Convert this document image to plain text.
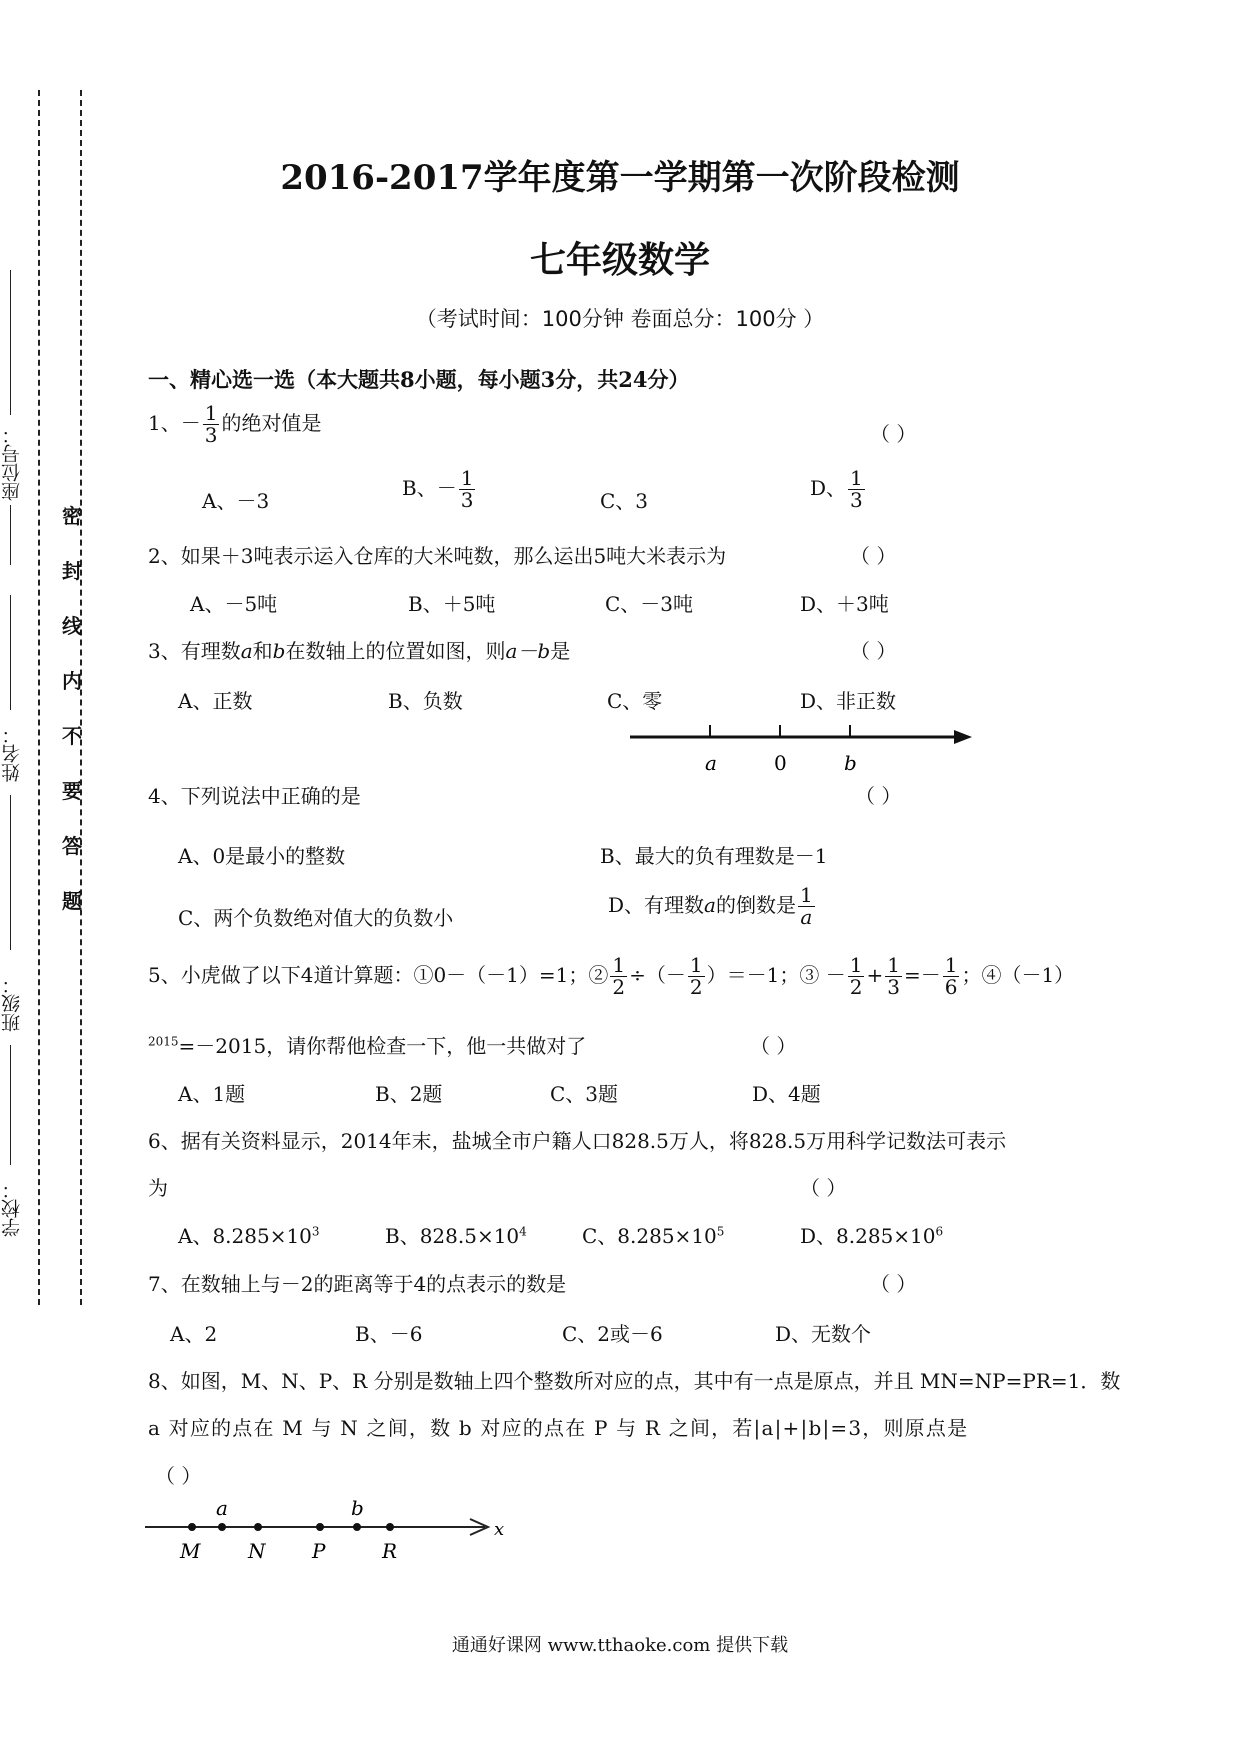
座位号：
姓名：
班级：
学校：
密
封
线
内
不
要
答
题
2016-2017学年度第一学期第一次阶段检测
七年级数学
（考试时间：100分钟 卷面总分：100分 ）
一、精心选一选（本大题共8小题，每小题3分，共24分）
1、－ $\frac{1}{3}$ 的绝对值是	（ ）
A、－3
B、－ $\frac{1}{3}$	C、3
D、 $\frac{1}{3}$
2、如果＋3吨表示运入仓库的大米吨数，那么运出5吨大米表示为	（ ）
A、－5吨	B、＋5吨	C、－3吨	D、＋3吨
3、有理数a和b在数轴上的位置如图，则a－b是	（ ）
A、正数	B、负数	C、零	D、非正数
a	0	b
4、下列说法中正确的是	（ ）
A、0是最小的整数	B、最大的负有理数是－1
C、两个负数绝对值大的负数小
D、有理数a的倒数是 $\frac{1}{a}$
5、小虎做了以下4道计算题：①0－（－1）=1；② $\frac{1}{2}$ ÷（－ $\frac{1}{2} )=-1$；③ － $\frac{1}{2} + \frac{1}{3} =- \frac{1}{6}$ ；④（－1）
$^{2015}$=－2015，请你帮他检查一下，他一共做对了	（ ）
A、1题	B、2题	C、3题	D、4题
6、据有关资料显示，2014年末，盐城全市户籍人口828.5万人，将828.5万用科学记数法可表示
为	（ ）
A、$8.285\times 10^3$	B、$828.5\times 10^4$	C、$8.285\times 10^5$	D、$8.285\times 10^6$
7、在数轴上与－2的距离等于4的点表示的数是	（ ）
A、2	B、－6	C、2或－6	D、无数个
8、如图，M、N、P、R 分别是数轴上四个整数所对应的点，其中有一点是原点，并且 MN=NP=PR=1．数
a 对应的点在 M 与 N 之间，数 b 对应的点在 P 与 R 之间，若|a|+|b|=3，则原点是
（ ）
M
a
N P
b
R
x
通通好课网 www.tthaoke.com 提供下载
